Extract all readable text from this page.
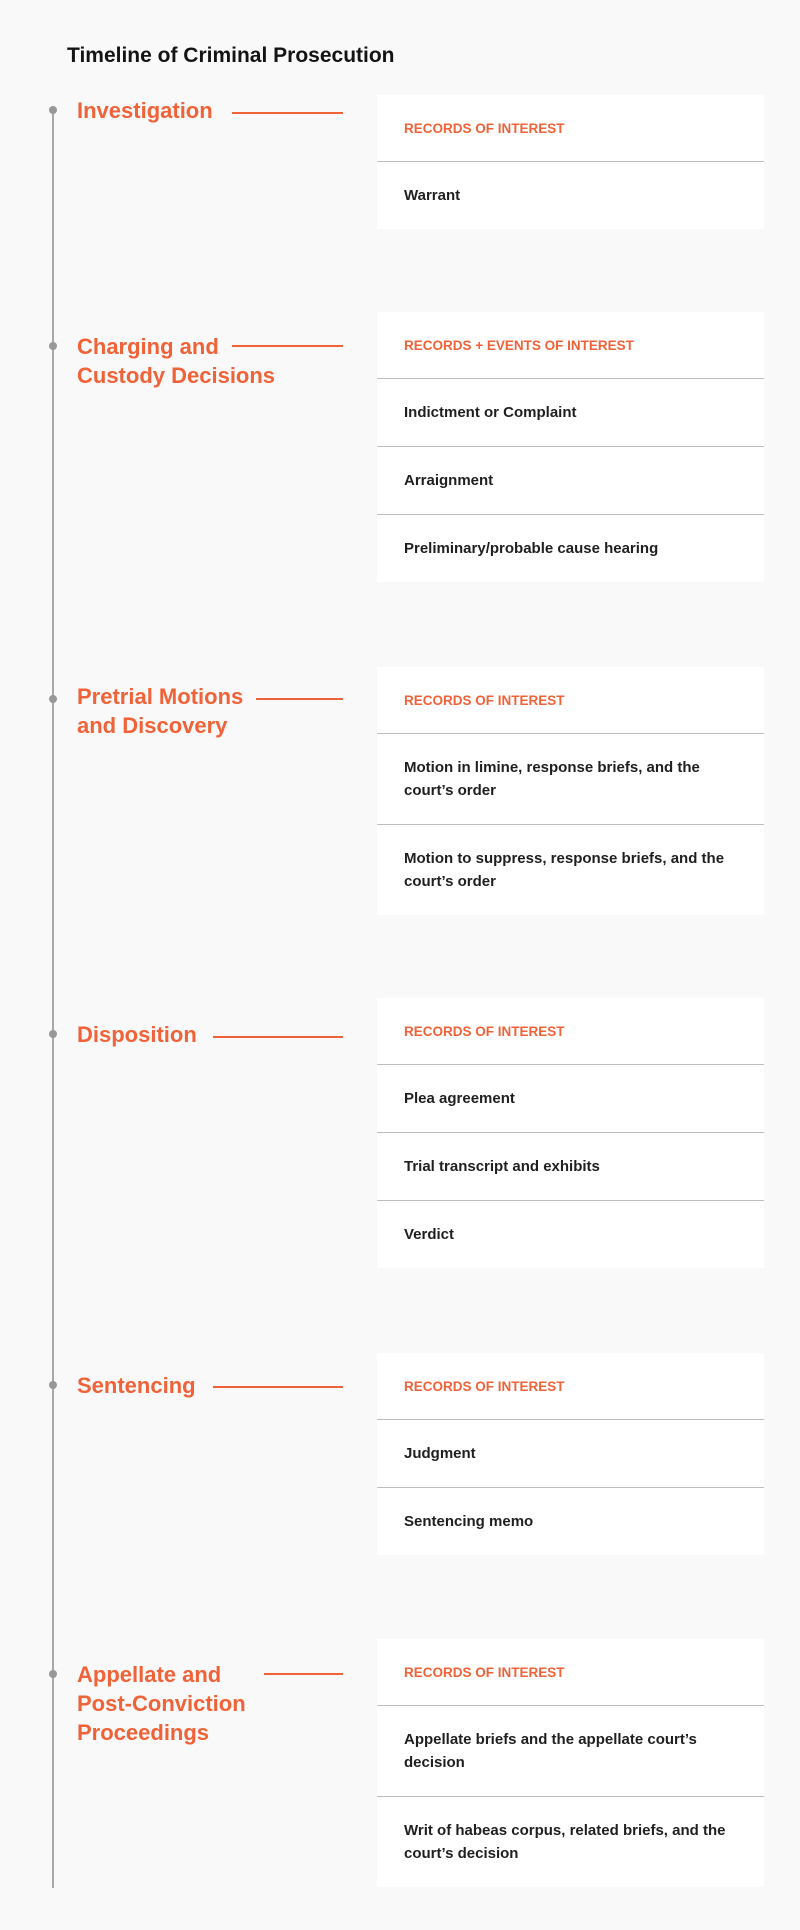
Timeline of Criminal Prosecution
Investigation
RECORDS OF INTEREST
Warrant
Charging and
Custody Decisions
RECORDS + EVENTS OF INTEREST
Indictment or Complaint
Arraignment
Preliminary/probable cause hearing
Pretrial Motions
and Discovery
RECORDS OF INTEREST
Motion in limine, response briefs, and the court’s order
Motion to suppress, response briefs, and the court’s order
Disposition	RECORDS OF INTEREST
Plea agreement
Trial transcript and exhibits
Verdict
Sentencing	RECORDS OF INTEREST
Judgment
Sentencing memo
Appellate and
Post-Conviction
Proceedings
RECORDS OF INTEREST
Appellate briefs and the appellate court’s decision
Writ of habeas corpus, related briefs, and the court’s decision
